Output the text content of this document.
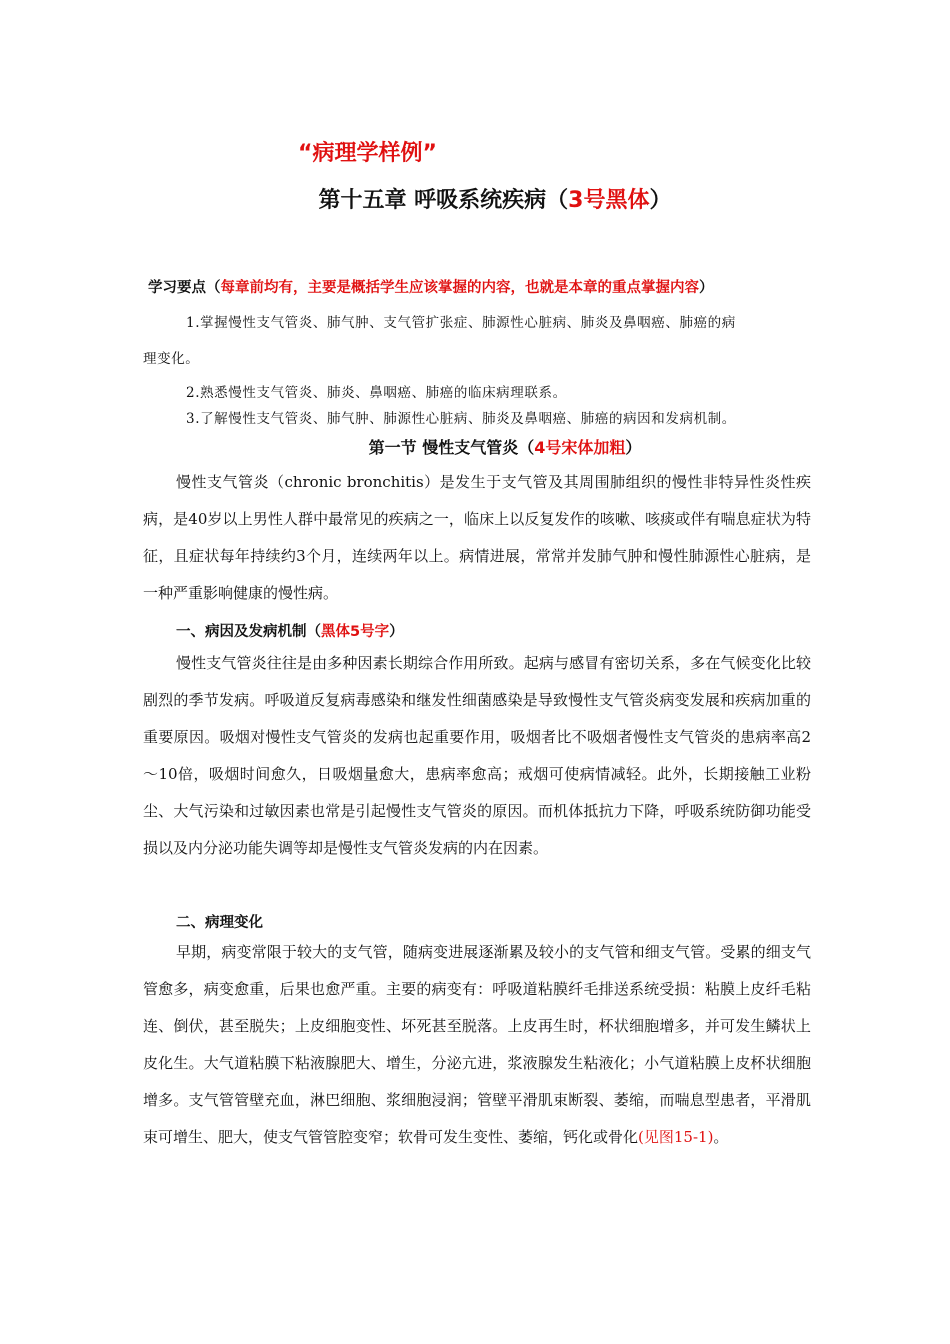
“病理学样例”
第十五章 呼吸系统疾病（3号黑体）
学习要点（每章前均有，主要是概括学生应该掌握的内容，也就是本章的重点掌握内容）
1.掌握慢性支气管炎、肺气肿、支气管扩张症、肺源性心脏病、肺炎及鼻咽癌、肺癌的病
理变化。
2.熟悉慢性支气管炎、肺炎、鼻咽癌、肺癌的临床病理联系。
3.了解慢性支气管炎、肺气肿、肺源性心脏病、肺炎及鼻咽癌、肺癌的病因和发病机制。
第一节 慢性支气管炎（4号宋体加粗）

慢性支气管炎（chronic bronchitis）是发生于支气管及其周围肺组织的慢性非特异性炎性疾病，是40岁以上男性人群中最常见的疾病之一，临床上以反复发作的咳嗽、咳痰或伴有喘息症状为特征，且症状每年持续约3个月，连续两年以上。病情进展，常常并发肺气肿和慢性肺源性心脏病，是一种严重影响健康的慢性病。

一、病因及发病机制（黑体5号字）

慢性支气管炎往往是由多种因素长期综合作用所致。起病与感冒有密切关系，多在气候变化比较剧烈的季节发病。呼吸道反复病毒感染和继发性细菌感染是导致慢性支气管炎病变发展和疾病加重的重要原因。吸烟对慢性支气管炎的发病也起重要作用，吸烟者比不吸烟者慢性支气管炎的患病率高2～10倍，吸烟时间愈久，日吸烟量愈大，患病率愈高；戒烟可使病情减轻。此外，长期接触工业粉尘、大气污染和过敏因素也常是引起慢性支气管炎的原因。而机体抵抗力下降，呼吸系统防御功能受损以及内分泌功能失调等却是慢性支气管炎发病的内在因素。

二、病理变化

早期，病变常限于较大的支气管，随病变进展逐渐累及较小的支气管和细支气管。受累的细支气管愈多，病变愈重，后果也愈严重。主要的病变有：呼吸道粘膜纤毛排送系统受损：粘膜上皮纤毛粘连、倒伏，甚至脱失；上皮细胞变性、坏死甚至脱落。上皮再生时，杯状细胞增多，并可发生鳞状上皮化生。大气道粘膜下粘液腺肥大、增生，分泌亢进，浆液腺发生粘液化；小气道粘膜上皮杯状细胞增多。支气管管壁充血，淋巴细胞、浆细胞浸润；管壁平滑肌束断裂、萎缩，而喘息型患者，平滑肌束可增生、肥大，使支气管管腔变窄；软骨可发生变性、萎缩，钙化或骨化(见图15-1)。
